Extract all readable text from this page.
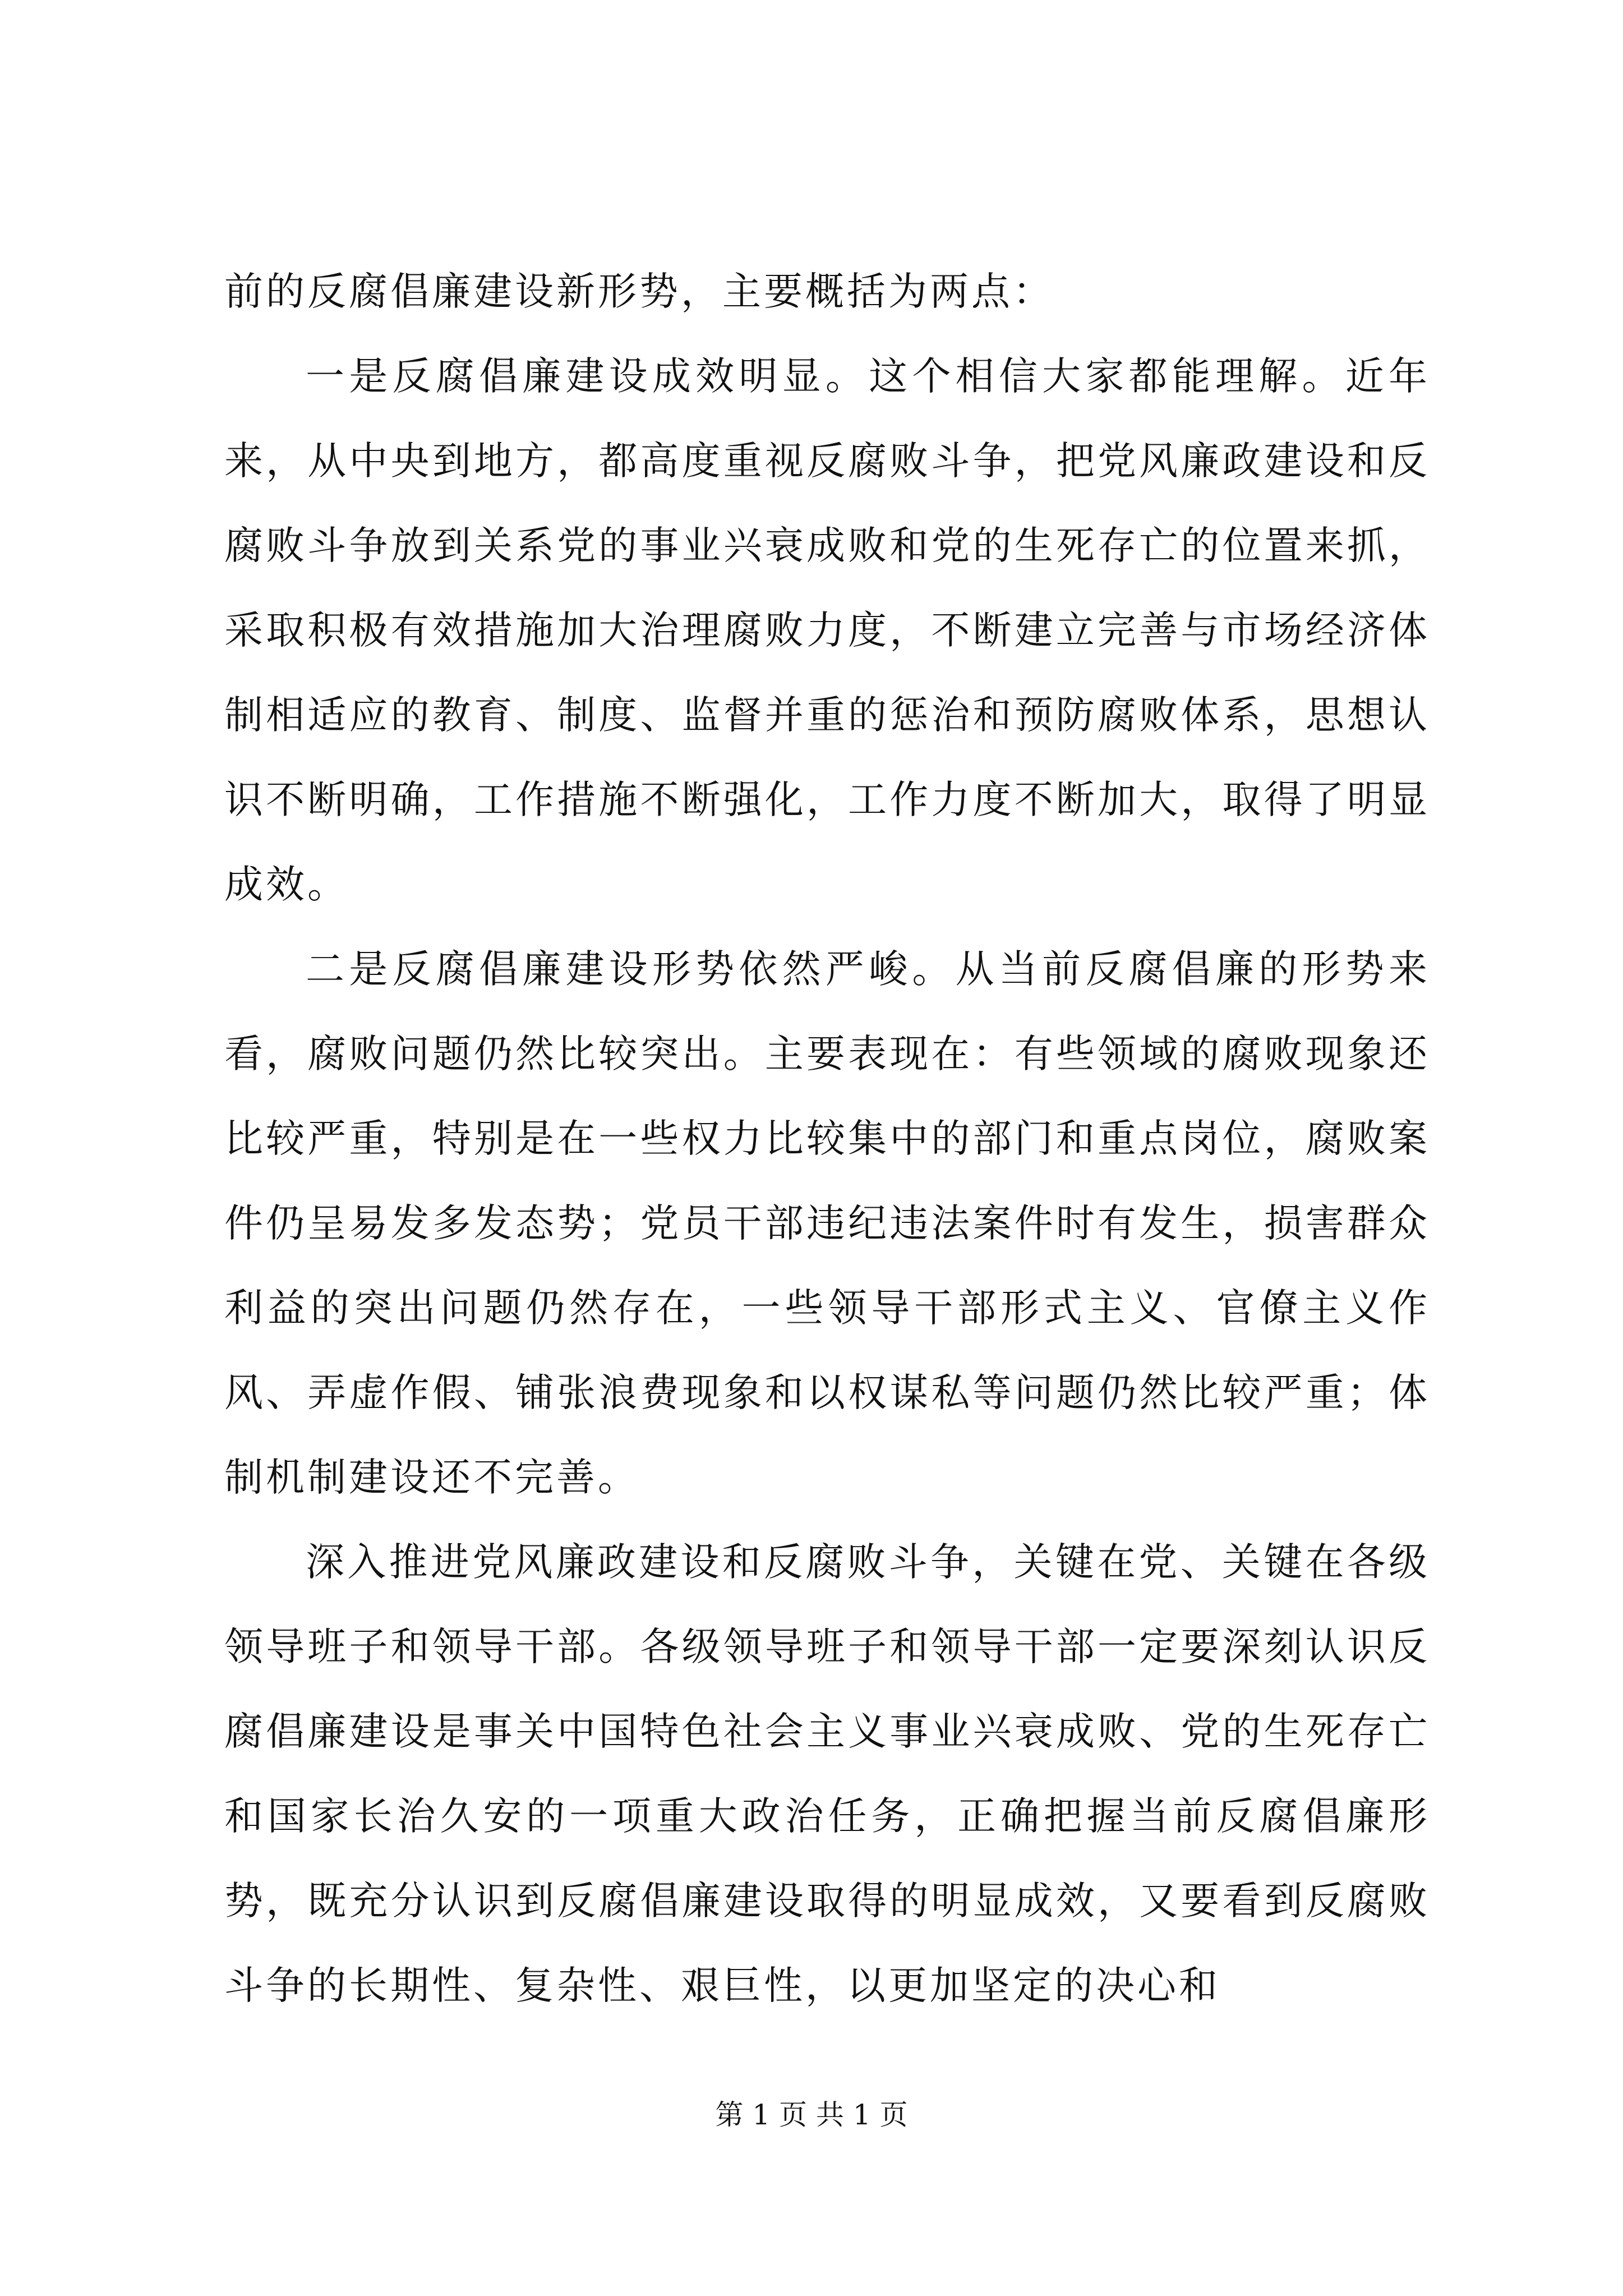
前的反腐倡廉建设新形势，主要概括为两点：

一是反腐倡廉建设成效明显。这个相信大家都能理解。近年来，从中央到地方，都高度重视反腐败斗争，把党风廉政建设和反腐败斗争放到关系党的事业兴衰成败和党的生死存亡的位置来抓，采取积极有效措施加大治理腐败力度，不断建立完善与市场经济体制相适应的教育、制度、监督并重的惩治和预防腐败体系，思想认识不断明确，工作措施不断强化，工作力度不断加大，取得了明显成效。

二是反腐倡廉建设形势依然严峻。从当前反腐倡廉的形势来看，腐败问题仍然比较突出。主要表现在：有些领域的腐败现象还比较严重，特别是在一些权力比较集中的部门和重点岗位，腐败案件仍呈易发多发态势；党员干部违纪违法案件时有发生，损害群众利益的突出问题仍然存在，一些领导干部形式主义、官僚主义作风、弄虚作假、铺张浪费现象和以权谋私等问题仍然比较严重；体制机制建设还不完善。

深入推进党风廉政建设和反腐败斗争，关键在党、关键在各级领导班子和领导干部。各级领导班子和领导干部一定要深刻认识反腐倡廉建设是事关中国特色社会主义事业兴衰成败、党的生死存亡和国家长治久安的一项重大政治任务，正确把握当前反腐倡廉形势，既充分认识到反腐倡廉建设取得的明显成效，又要看到反腐败斗争的长期性、复杂性、艰巨性，以更加坚定的决心和

第 1 页 共 1 页
